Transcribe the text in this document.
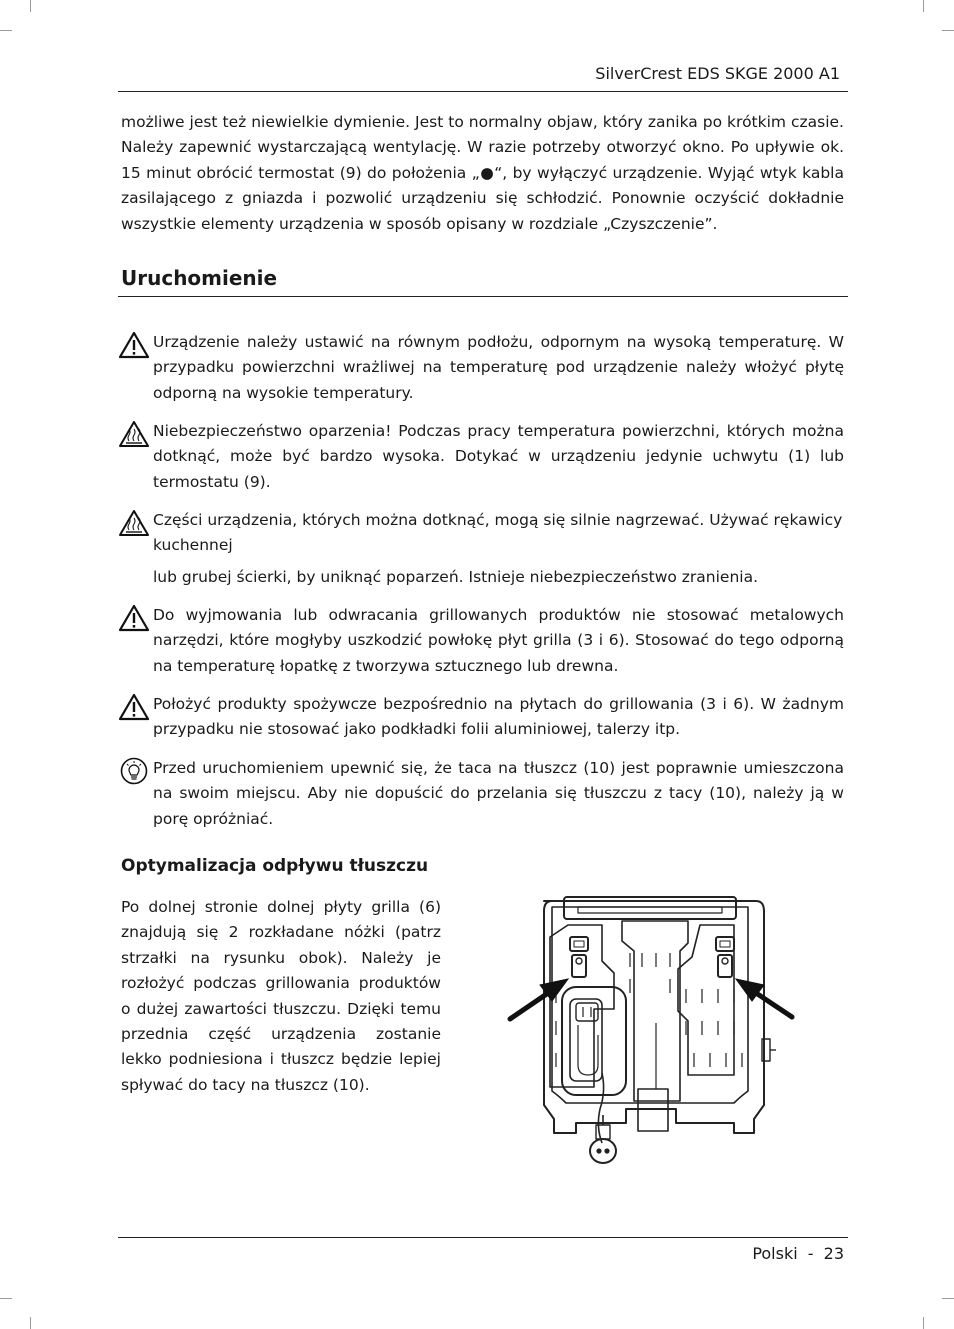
SilverCrest EDS SKGE 2000 A1
możliwe jest też niewielkie dymienie. Jest to normalny objaw, który zanika po krótkim czasie. Należy zapewnić wystarczającą wentylację. W razie potrzeby otworzyć okno. Po upływie ok. 15 minut obrócić termostat (9) do położenia „●“, by wyłączyć urządzenie. Wyjąć wtyk kabla zasilającego z gniazda i pozwolić urządzeniu się schłodzić. Ponownie oczyścić dokładnie wszystkie elementy urządzenia w sposób opisany w rozdziale „Czyszczenie”.
Uruchomienie
Urządzenie należy ustawić na równym podłożu, odpornym na wysoką temperaturę. W przypadku powierzchni wrażliwej na temperaturę pod urządzenie należy włożyć płytę odporną na wysokie temperatury.
Niebezpieczeństwo oparzenia! Podczas pracy temperatura powierzchni, których można dotknąć, może być bardzo wysoka. Dotykać w urządzeniu jedynie uchwytu (1) lub termostatu (9).
Części urządzenia, których można dotknąć, mogą się silnie nagrzewać. Używać rękawicy kuchennej
lub grubej ścierki, by uniknąć poparzeń. Istnieje niebezpieczeństwo zranienia.
Do wyjmowania lub odwracania grillowanych produktów nie stosować metalowych narzędzi, które mogłyby uszkodzić powłokę płyt grilla (3 i 6). Stosować do tego odporną na temperaturę łopatkę z tworzywa sztucznego lub drewna.
Położyć produkty spożywcze bezpośrednio na płytach do grillowania (3 i 6). W żadnym przypadku nie stosować jako podkładki folii aluminiowej, talerzy itp.
Przed uruchomieniem upewnić się, że taca na tłuszcz (10) jest poprawnie umieszczona na swoim miejscu. Aby nie dopuścić do przelania się tłuszczu z tacy (10), należy ją w porę opróżniać.
Optymalizacja odpływu tłuszczu
Po dolnej stronie dolnej płyty grilla (6) znajdują się 2 rozkładane nóżki (patrz strzałki na rysunku obok). Należy je rozłożyć podczas grillowania produktów o dużej zawartości tłuszczu. Dzięki temu przednia część urządzenia zostanie lekko podniesiona i tłuszcz będzie lepiej spływać do tacy na tłuszcz (10).
Polski - 23
